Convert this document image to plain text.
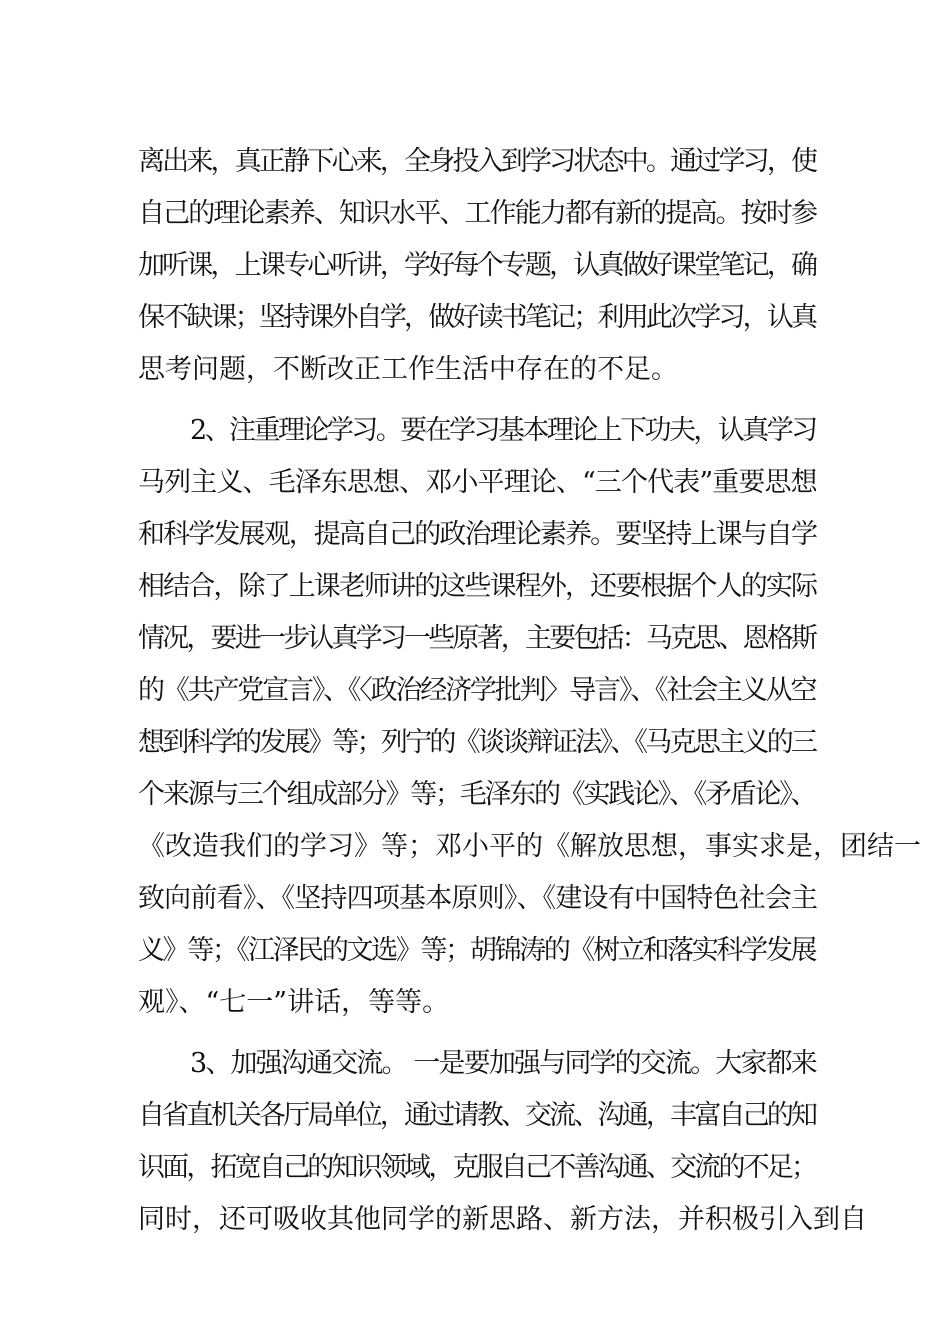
离出来，真正静下心来，全身投入到学习状态中。通过学习，使
自己的理论素养、知识水平、工作能力都有新的提高。按时参
加听课，上课专心听讲，学好每个专题，认真做好课堂笔记，确
保不缺课；坚持课外自学，做好读书笔记；利用此次学习，认真
思考问题，不断改正工作生活中存在的不足。
2、注重理论学习。要在学习基本理论上下功夫，认真学习
马列主义、毛泽东思想、邓小平理论、“三个代表”重要思想
和科学发展观，提高自己的政治理论素养。要坚持上课与自学
相结合，除了上课老师讲的这些课程外，还要根据个人的实际
情况，要进一步认真学习一些原著，主要包括：马克思、恩格斯
的《共产党宣言》、《〈政治经济学批判〉导言》、《社会主义从空
想到科学的发展》等；列宁的《谈谈辩证法》、《马克思主义的三
个来源与三个组成部分》等；毛泽东的《实践论》、《矛盾论》、
《改造我们的学习》等；邓小平的《解放思想，事实求是，团结一
致向前看》、《坚持四项基本原则》、《建设有中国特色社会主
义》等；《江泽民的文选》等；胡锦涛的《树立和落实科学发展
观》、“七一”讲话，等等。
3、加强沟通交流。 一是要加强与同学的交流。大家都来
自省直机关各厅局单位，通过请教、交流、沟通，丰富自己的知
识面，拓宽自己的知识领域，克服自己不善沟通、交流的不足；
同时，还可吸收其他同学的新思路、新方法，并积极引入到自
